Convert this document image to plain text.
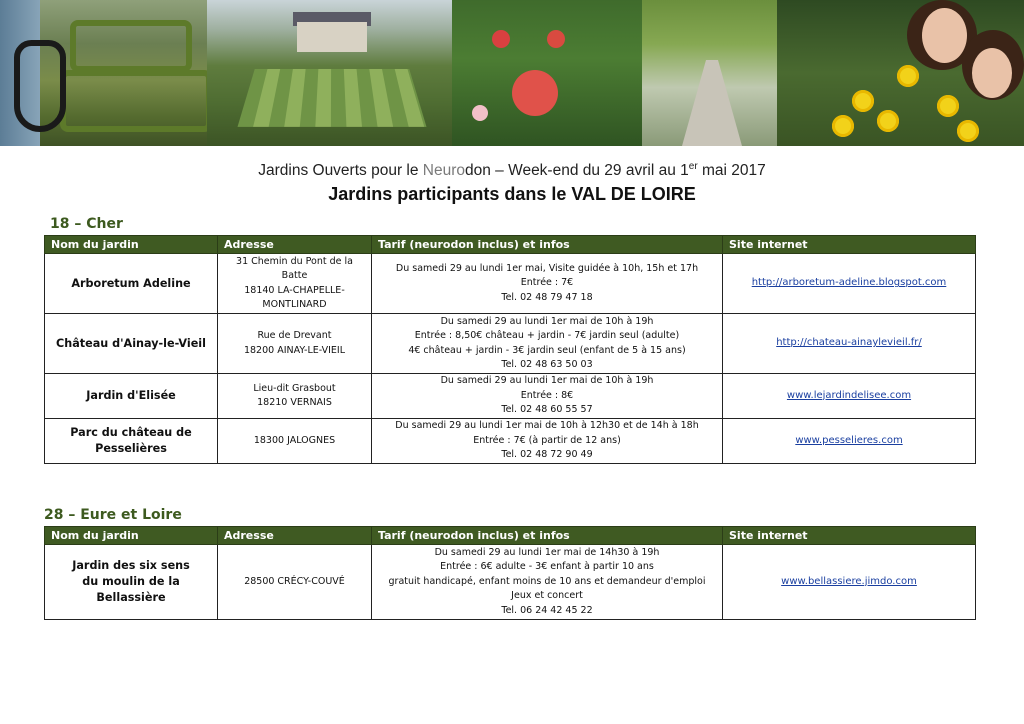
Jardins Ouverts pour le Neurodon – Week-end du 29 avril au 1er mai 2017
Jardins participants dans le VAL DE LOIRE
18 – Cher
Nom du jardin	Adresse	Tarif (neurodon inclus) et infos	Site internet

Arboretum Adeline	31 Chemin du Pont de la
Batte
18140 LA-CHAPELLE-
MONTLINARD	Du samedi 29 au lundi 1er mai, Visite guidée à 10h, 15h et 17h
Entrée : 7€
Tel. 02 48 79 47 18	http://arboretum-adeline.blogspot.com

Château d'Ainay-le-Vieil	Rue de Drevant
18200 AINAY-LE-VIEIL	Du samedi 29 au lundi 1er mai de 10h à 19h
Entrée : 8,50€ château + jardin - 7€ jardin seul (adulte)
4€ château + jardin - 3€ jardin seul (enfant de 5 à 15 ans)
Tel. 02 48 63 50 03	http://chateau-ainaylevieil.fr/

Jardin d'Elisée	Lieu-dit Grasbout
18210 VERNAIS	Du samedi 29 au lundi 1er mai de 10h à 19h
Entrée : 8€
Tel. 02 48 60 55 57	www.lejardindelisee.com

Parc du château de
Pesselières	18300 JALOGNES	Du samedi 29 au lundi 1er mai de 10h à 12h30 et de 14h à 18h
Entrée : 7€ (à partir de 12 ans)
Tel. 02 48 72 90 49	www.pesselieres.com
28 – Eure et Loire
Nom du jardin	Adresse	Tarif (neurodon inclus) et infos	Site internet

Jardin des six sens
du moulin de la Bellassière	28500 CRÉCY-COUVÉ	Du samedi 29 au lundi 1er mai de 14h30 à 19h
Entrée : 6€ adulte - 3€ enfant à partir 10 ans
gratuit handicapé, enfant moins de 10 ans et demandeur d'emploi
Jeux et concert
Tel. 06 24 42 45 22	www.bellassiere.jimdo.com
